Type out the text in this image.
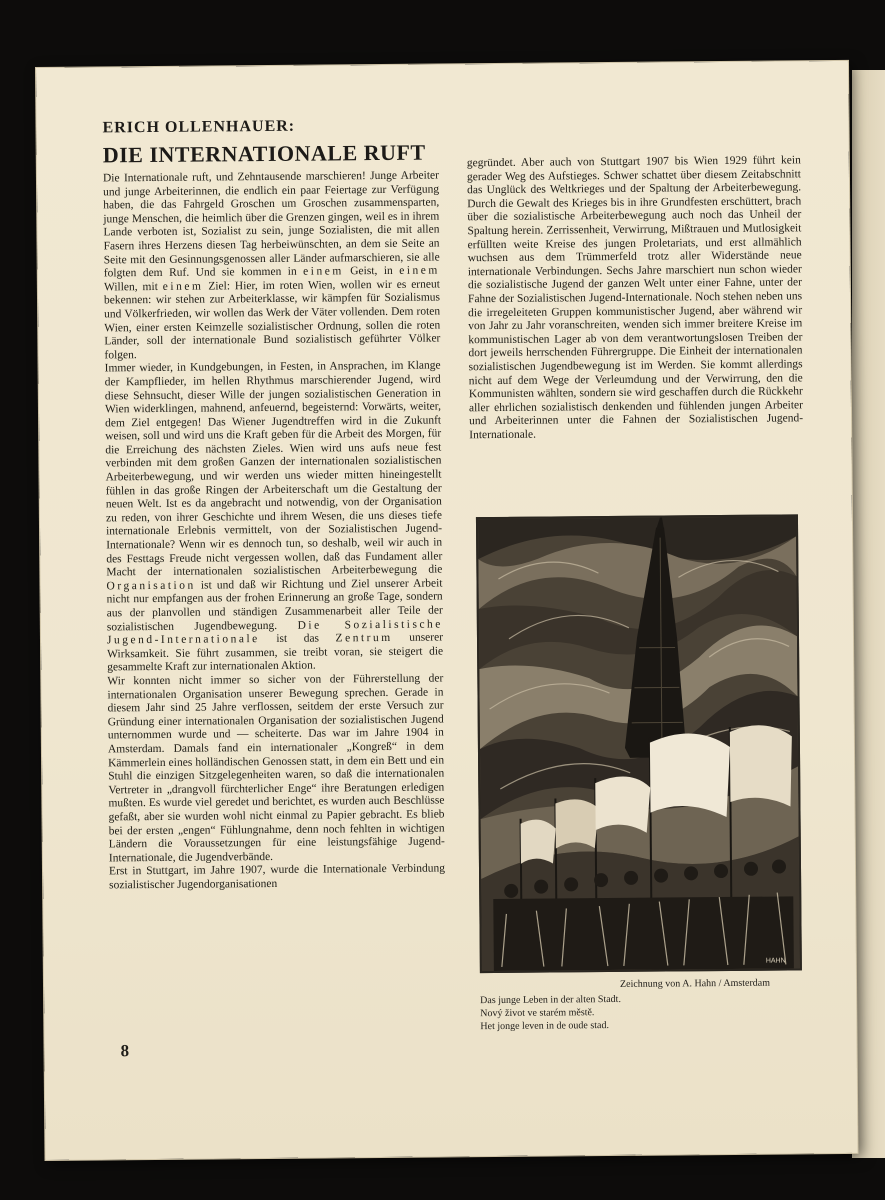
ERICH OLLENHAUER:
DIE INTERNATIONALE RUFT

Die Internationale ruft, und Zehntausende marschieren! Junge Arbeiter und junge Arbeiterinnen, die endlich ein paar Feiertage zur Verfügung haben, die das Fahrgeld Groschen um Groschen zusammensparten, junge Menschen, die heimlich über die Grenzen gingen, weil es in ihrem Lande verboten ist, Sozialist zu sein, junge Sozialisten, die mit allen Fasern ihres Herzens diesen Tag herbeiwünschten, an dem sie Seite an Seite mit den Gesinnungsgenossen aller Länder aufmarschieren, sie alle folgten dem Ruf. Und sie kommen in einem Geist, in einem Willen, mit einem Ziel: Hier, im roten Wien, wollen wir es erneut bekennen: wir stehen zur Arbeiterklasse, wir kämpfen für Sozialismus und Völkerfrieden, wir wollen das Werk der Väter vollenden. Dem roten Wien, einer ersten Keimzelle sozialistischer Ordnung, sollen die roten Länder, soll der internationale Bund sozialistisch geführter Völker folgen.

Immer wieder, in Kundgebungen, in Festen, in Ansprachen, im Klange der Kampflieder, im hellen Rhythmus marschierender Jugend, wird diese Sehnsucht, dieser Wille der jungen sozialistischen Generation in Wien widerklingen, mahnend, anfeuernd, begeisternd: Vorwärts, weiter, dem Ziel entgegen! Das Wiener Jugendtreffen wird in die Zukunft weisen, soll und wird uns die Kraft geben für die Arbeit des Morgen, für die Erreichung des nächsten Zieles. Wien wird uns aufs neue fest verbinden mit dem großen Ganzen der internationalen sozialistischen Arbeiterbewegung, und wir werden uns wieder mitten hineingestellt fühlen in das große Ringen der Arbeiterschaft um die Gestaltung der neuen Welt. Ist es da angebracht und notwendig, von der Organisation zu reden, von ihrer Geschichte und ihrem Wesen, die uns dieses tiefe internationale Erlebnis vermittelt, von der Sozialistischen Jugend-Internationale? Wenn wir es dennoch tun, so deshalb, weil wir auch in des Festtags Freude nicht vergessen wollen, daß das Fundament aller Macht der internationalen sozialistischen Arbeiterbewegung die Organisation ist und daß wir Richtung und Ziel unserer Arbeit nicht nur empfangen aus der frohen Erinnerung an große Tage, sondern aus der planvollen und ständigen Zusammenarbeit aller Teile der sozialistischen Jugendbewegung. Die Sozialistische Jugend-Internationale ist das Zentrum unserer Wirksamkeit. Sie führt zusammen, sie treibt voran, sie steigert die gesammelte Kraft zur internationalen Aktion.

Wir konnten nicht immer so sicher von der Führerstellung der internationalen Organisation unserer Bewegung sprechen. Gerade in diesem Jahr sind 25 Jahre verflossen, seitdem der erste Versuch zur Gründung einer internationalen Organisation der sozialistischen Jugend unternommen wurde und — scheiterte. Das war im Jahre 1904 in Amsterdam. Damals fand ein internationaler „Kongreß“ in dem Kämmerlein eines holländischen Genossen statt, in dem ein Bett und ein Stuhl die einzigen Sitzgelegenheiten waren, so daß die internationalen Vertreter in „drangvoll fürchterlicher Enge“ ihre Beratungen erledigen mußten. Es wurde viel geredet und berichtet, es wurden auch Beschlüsse gefaßt, aber sie wurden wohl nicht einmal zu Papier gebracht. Es blieb bei der ersten „engen“ Fühlungnahme, denn noch fehlten in wichtigen Ländern die Voraussetzungen für eine leistungsfähige Jugend-Internationale, die Jugendverbände.

Erst in Stuttgart, im Jahre 1907, wurde die Internationale Verbindung sozialistischer Jugendorganisationen

gegründet. Aber auch von Stuttgart 1907 bis Wien 1929 führt kein gerader Weg des Aufstieges. Schwer schattet über diesem Zeitabschnitt das Unglück des Weltkrieges und der Spaltung der Arbeiterbewegung. Durch die Gewalt des Krieges bis in ihre Grundfesten erschüttert, brach über die sozialistische Arbeiterbewegung auch noch das Unheil der Spaltung herein. Zerrissenheit, Verwirrung, Mißtrauen und Mutlosigkeit erfüllten weite Kreise des jungen Proletariats, und erst allmählich wuchsen aus dem Trümmerfeld trotz aller Widerstände neue internationale Verbindungen. Sechs Jahre marschiert nun schon wieder die sozialistische Jugend der ganzen Welt unter einer Fahne, unter der Fahne der Sozialistischen Jugend-Internationale. Noch stehen neben uns die irregeleiteten Gruppen kommunistischer Jugend, aber während wir von Jahr zu Jahr voranschreiten, wenden sich immer breitere Kreise im kommunistischen Lager ab von dem verantwortungslosen Treiben der dort jeweils herrschenden Führergruppe. Die Einheit der internationalen sozialistischen Jugendbewegung ist im Werden. Sie kommt allerdings nicht auf dem Wege der Verleumdung und der Verwirrung, den die Kommunisten wählten, sondern sie wird geschaffen durch die Rückkehr aller ehrlichen sozialistisch denkenden und fühlenden jungen Arbeiter und Arbeiterinnen unter die Fahnen der Sozialistischen Jugend-Internationale.

HAHN
Zeichnung von A. Hahn / Amsterdam
Das junge Leben in der alten Stadt.
Nový život ve starém městě.
Het jonge leven in de oude stad.
8
